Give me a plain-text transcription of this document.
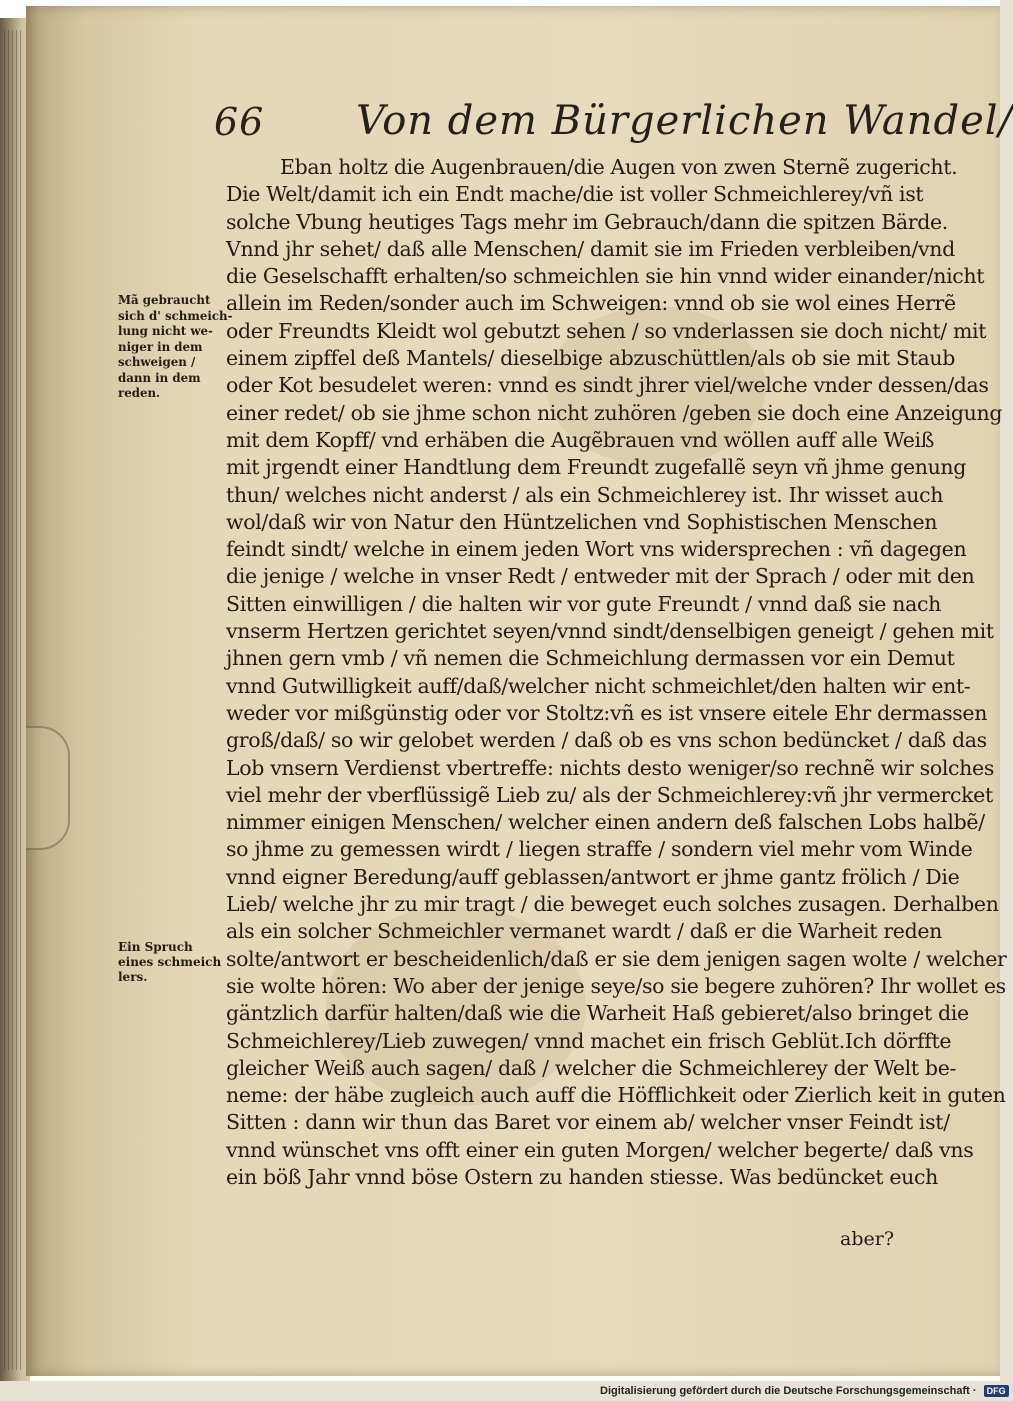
66 Von dem Bürgerlichen Wandel/
Mã gebraucht
sich d' schmeich-
lung nicht we-
niger in dem
schweigen /
dann in dem
reden.
Ein Spruch
eines schmeich
lers.
Eban holtz die Augenbrauen/die Augen von zwen Sternẽ zugericht.
Die Welt/damit ich ein Endt mache/die ist voller Schmeichlerey/vñ ist
solche Vbung heutiges Tags mehr im Gebrauch/dann die spitzen Bärde.
Vnnd jhr sehet/ daß alle Menschen/ damit sie im Frieden verbleiben/vnd
die Geselschafft erhalten/so schmeichlen sie hin vnnd wider einander/nicht
allein im Reden/sonder auch im Schweigen: vnnd ob sie wol eines Herrẽ
oder Freundts Kleidt wol gebutzt sehen / so vnderlassen sie doch nicht/ mit
einem zipffel deß Mantels/ dieselbige abzuschüttlen/als ob sie mit Staub
oder Kot besudelet weren: vnnd es sindt jhrer viel/welche vnder dessen/das
einer redet/ ob sie jhme schon nicht zuhören /geben sie doch eine Anzeigung
mit dem Kopff/ vnd erhäben die Augẽbrauen vnd wöllen auff alle Weiß
mit jrgendt einer Handtlung dem Freundt zugefallẽ seyn vñ jhme genung
thun/ welches nicht anderst / als ein Schmeichlerey ist. Ihr wisset auch
wol/daß wir von Natur den Hüntzelichen vnd Sophistischen Menschen
feindt sindt/ welche in einem jeden Wort vns widersprechen : vñ dagegen
die jenige / welche in vnser Redt / entweder mit der Sprach / oder mit den
Sitten einwilligen / die halten wir vor gute Freundt / vnnd daß sie nach
vnserm Hertzen gerichtet seyen/vnnd sindt/denselbigen geneigt / gehen mit
jhnen gern vmb / vñ nemen die Schmeichlung dermassen vor ein Demut
vnnd Gutwilligkeit auff/daß/welcher nicht schmeichlet/den halten wir ent-
weder vor mißgünstig oder vor Stoltz:vñ es ist vnsere eitele Ehr dermassen
groß/daß/ so wir gelobet werden / daß ob es vns schon bedüncket / daß das
Lob vnsern Verdienst vbertreffe: nichts desto weniger/so rechnẽ wir solches
viel mehr der vberflüssigẽ Lieb zu/ als der Schmeichlerey:vñ jhr vermercket
nimmer einigen Menschen/ welcher einen andern deß falschen Lobs halbẽ/
so jhme zu gemessen wirdt / liegen straffe / sondern viel mehr vom Winde
vnnd eigner Beredung/auff geblassen/antwort er jhme gantz frölich / Die
Lieb/ welche jhr zu mir tragt / die beweget euch solches zusagen. Derhalben
als ein solcher Schmeichler vermanet wardt / daß er die Warheit reden
solte/antwort er bescheidenlich/daß er sie dem jenigen sagen wolte / welcher
sie wolte hören: Wo aber der jenige seye/so sie begere zuhören? Ihr wollet es
gäntzlich darfür halten/daß wie die Warheit Haß gebieret/also bringet die
Schmeichlerey/Lieb zuwegen/ vnnd machet ein frisch Geblüt.Ich dörffte
gleicher Weiß auch sagen/ daß / welcher die Schmeichlerey der Welt be-
neme: der häbe zugleich auch auff die Höfflichkeit oder Zierlich keit in guten
Sitten : dann wir thun das Baret vor einem ab/ welcher vnser Feindt ist/
vnnd wünschet vns offt einer ein guten Morgen/ welcher begerte/ daß vns
ein böß Jahr vnnd böse Ostern zu handen stiesse. Was bedüncket euch
aber?
Digitalisierung gefördert durch die Deutsche Forschungsgemeinschaft · DFG
